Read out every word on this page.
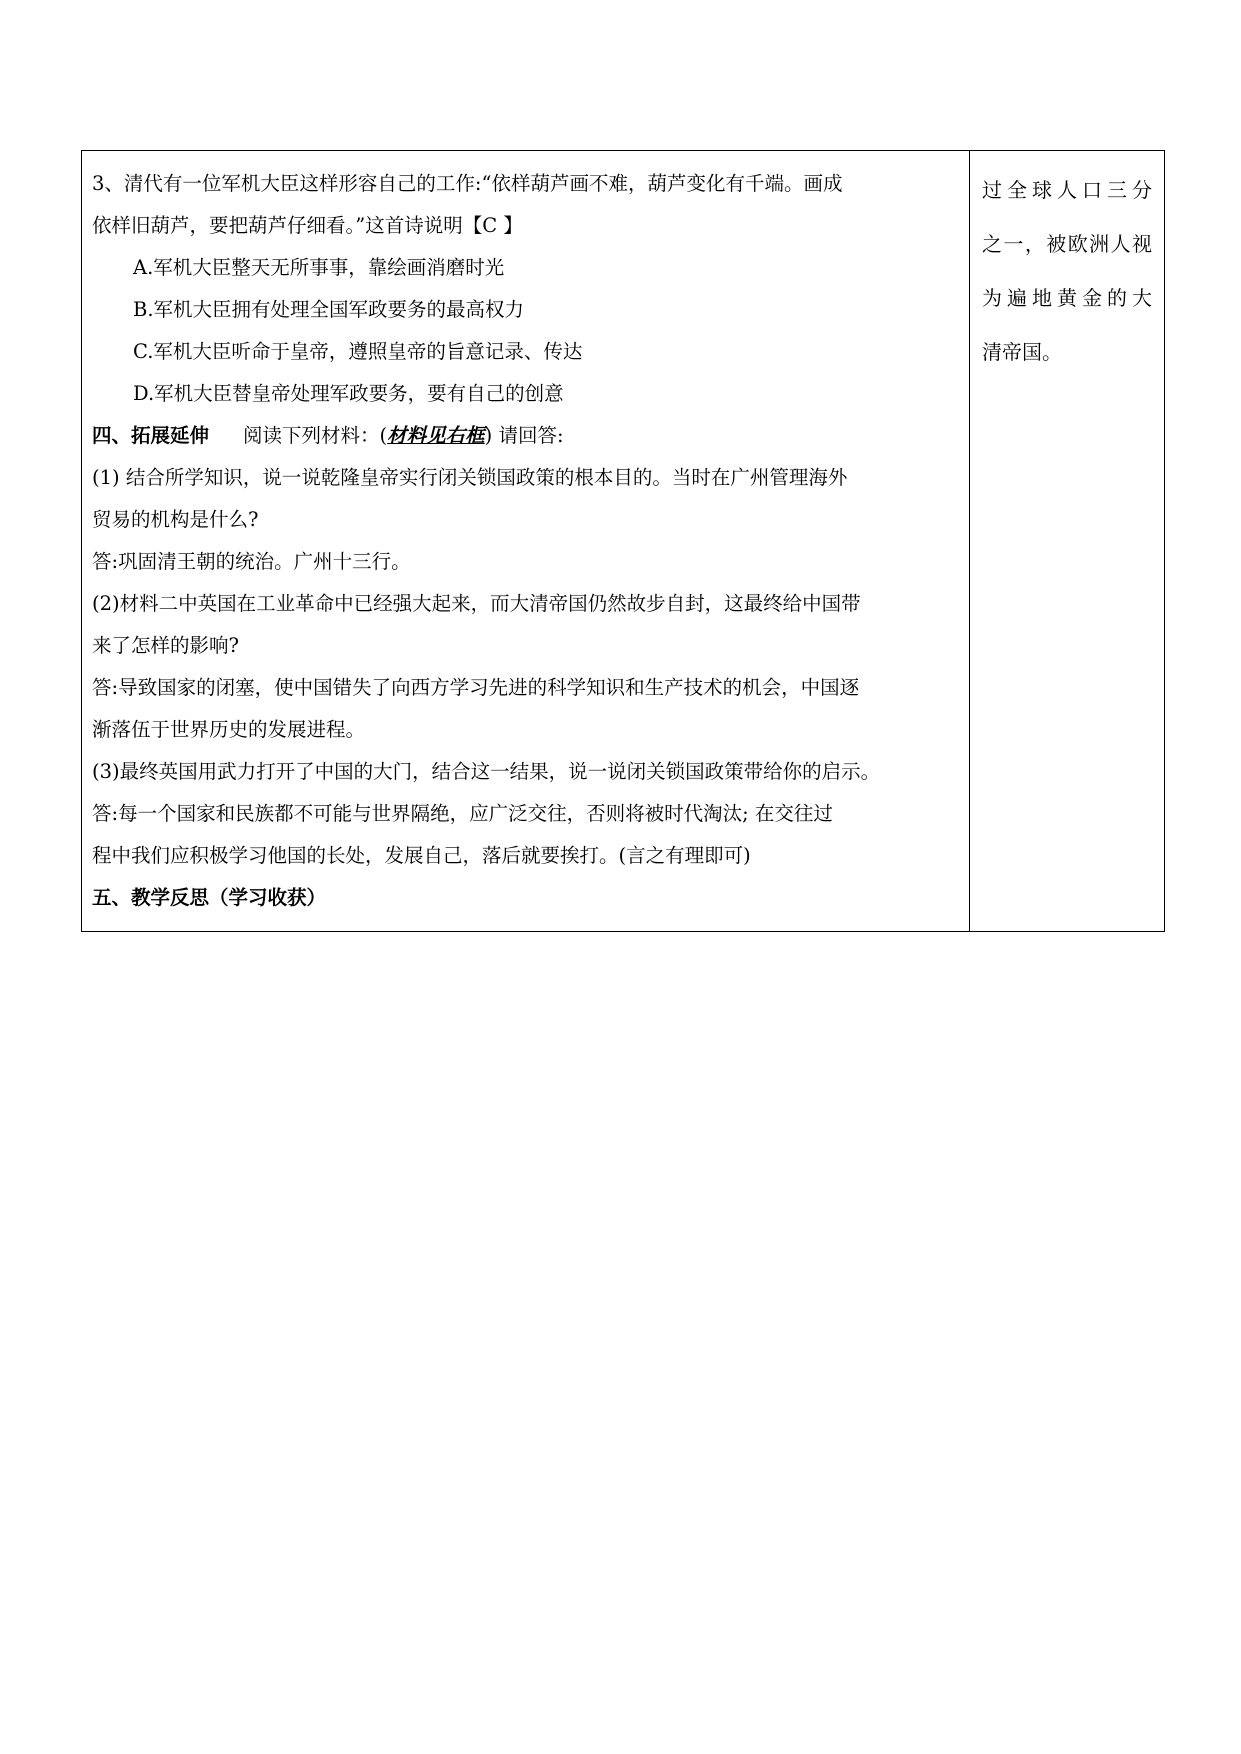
3、清代有一位军机大臣这样形容自己的工作:“依样葫芦画不难，葫芦变化有千端。画成
依样旧葫芦，要把葫芦仔细看。”这首诗说明【C 】
A.军机大臣整天无所事事，靠绘画消磨时光
B.军机大臣拥有处理全国军政要务的最高权力
C.军机大臣听命于皇帝，遵照皇帝的旨意记录、传达
D.军机大臣替皇帝处理军政要务，要有自己的创意
四、拓展延伸 阅读下列材料：(材料见右框) 请回答:
(1) 结合所学知识，说一说乾隆皇帝实行闭关锁国政策的根本目的。当时在广州管理海外
贸易的机构是什么?
答:巩固清王朝的统治。广州十三行。
(2)材料二中英国在工业革命中已经强大起来，而大清帝国仍然故步自封，这最终给中国带
来了怎样的影响?
答:导致国家的闭塞，使中国错失了向西方学习先进的科学知识和生产技术的机会，中国逐
渐落伍于世界历史的发展进程。
(3)最终英国用武力打开了中国的大门，结合这一结果，说一说闭关锁国政策带给你的启示。
答:每一个国家和民族都不可能与世界隔绝，应广泛交往，否则将被时代淘汰; 在交往过
程中我们应积极学习他国的长处，发展自己，落后就要挨打。(言之有理即可)
五、教学反思（学习收获）
过全球人口三分
之一，被欧洲人视
为遍地黄金的大
清帝国。
